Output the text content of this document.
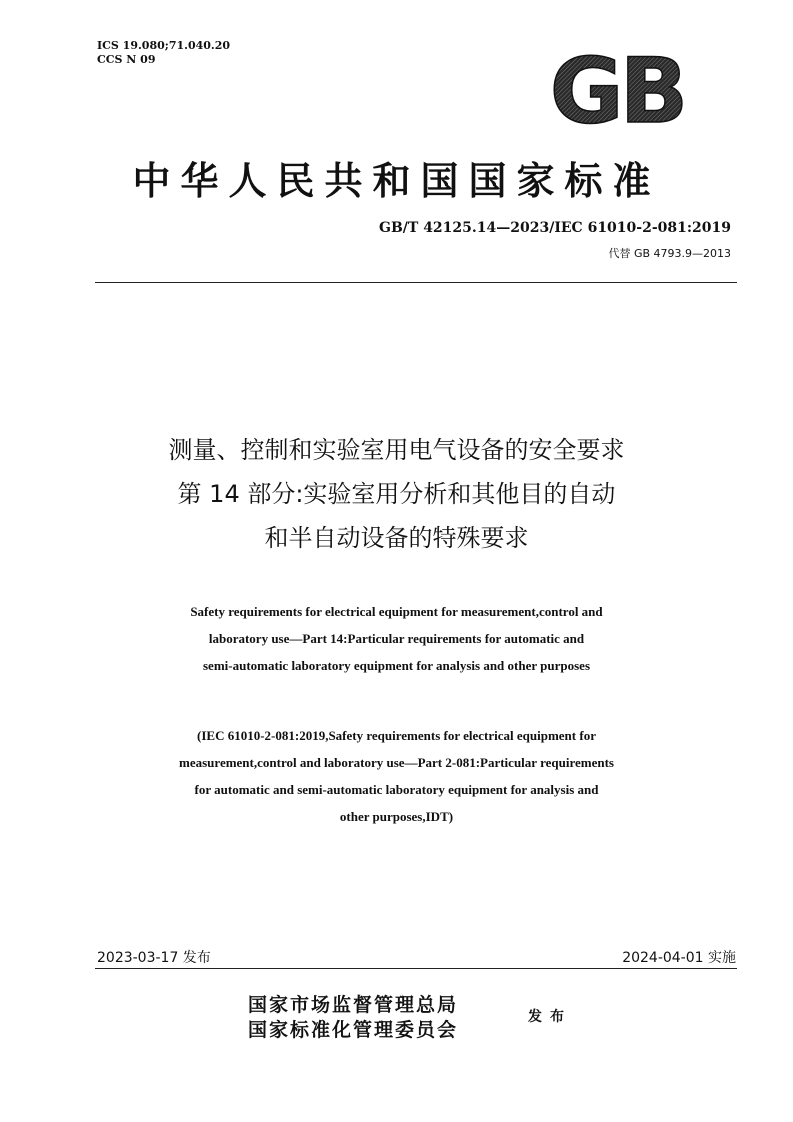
ICS 19.080;71.040.20
CCS N 09	GB
中华人民共和国国家标准
GB/T 42125.14—2023/IEC 61010-2-081:2019
代替 GB 4793.9—2013
测量、控制和实验室用电气设备的安全要求
第 14 部分:实验室用分析和其他目的自动
和半自动设备的特殊要求
Safety requirements for electrical equipment for measurement,control and
laboratory use—Part 14:Particular requirements for automatic and
semi-automatic laboratory equipment for analysis and other purposes
(IEC 61010-2-081:2019,Safety requirements for electrical equipment for
measurement,control and laboratory use—Part 2-081:Particular requirements
for automatic and semi-automatic laboratory equipment for analysis and
other purposes,IDT)
2023-03-17 发布	2024-04-01 实施
国家市场监督管理总局
国家标准化管理委员会
发布
